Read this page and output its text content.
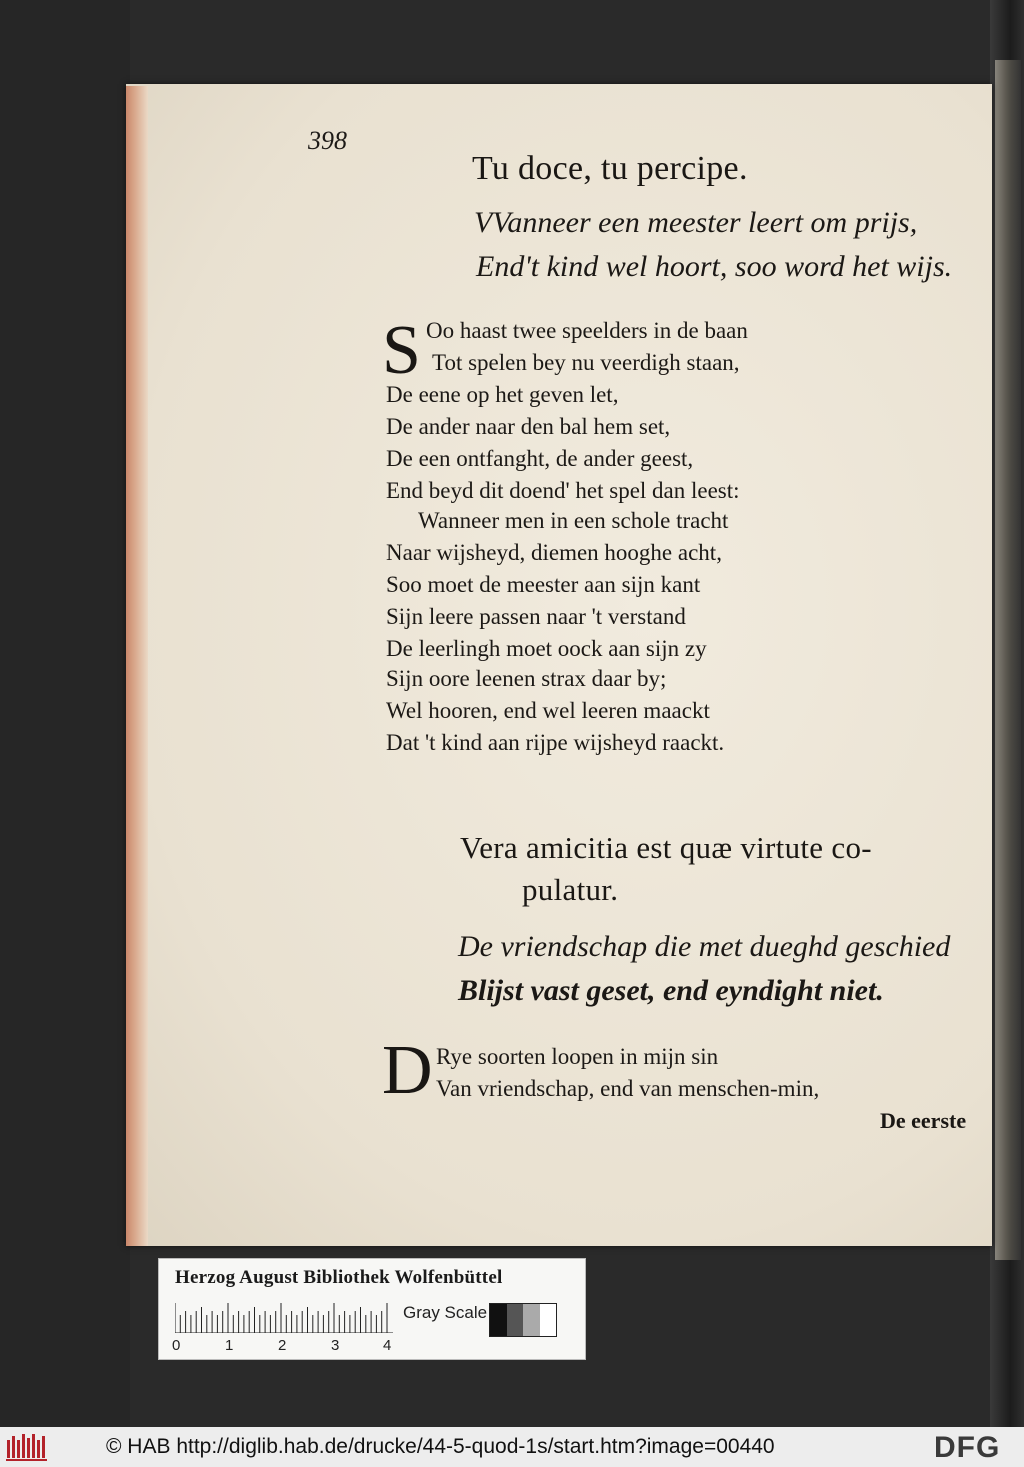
398
Tu doce, tu percipe.
VVanneer een meester leert om prijs,
End't kind wel hoort, soo word het wijs.
S Oo haast twee speelders in de baan
Tot spelen bey nu veerdigh staan,
De eene op het geven let,
De ander naar den bal hem set,
De een ontfanght, de ander geest,
End beyd dit doend' het spel dan leest:
Wanneer men in een schole tracht
Naar wijsheyd, diemen hooghe acht,
Soo moet de meester aan sijn kant
Sijn leere passen naar 't verstand
De leerlingh moet oock aan sijn zy
Sijn oore leenen strax daar by;
Wel hooren, end wel leeren maackt
Dat 't kind aan rijpe wijsheyd raackt.
Vera amicitia est quæ virtute co-
pulatur.
De vriendschap die met dueghd geschied
Blijst vast geset, end eyndight niet.
D Rye soorten loopen in mijn sin
Van vriendschap, end van menschen-min,
De eerste
Herzog August Bibliothek Wolfenbüttel
0	1	2	3	4
Gray Scale
© HAB http://diglib.hab.de/drucke/44-5-quod-1s/start.htm?image=00440	DFG
